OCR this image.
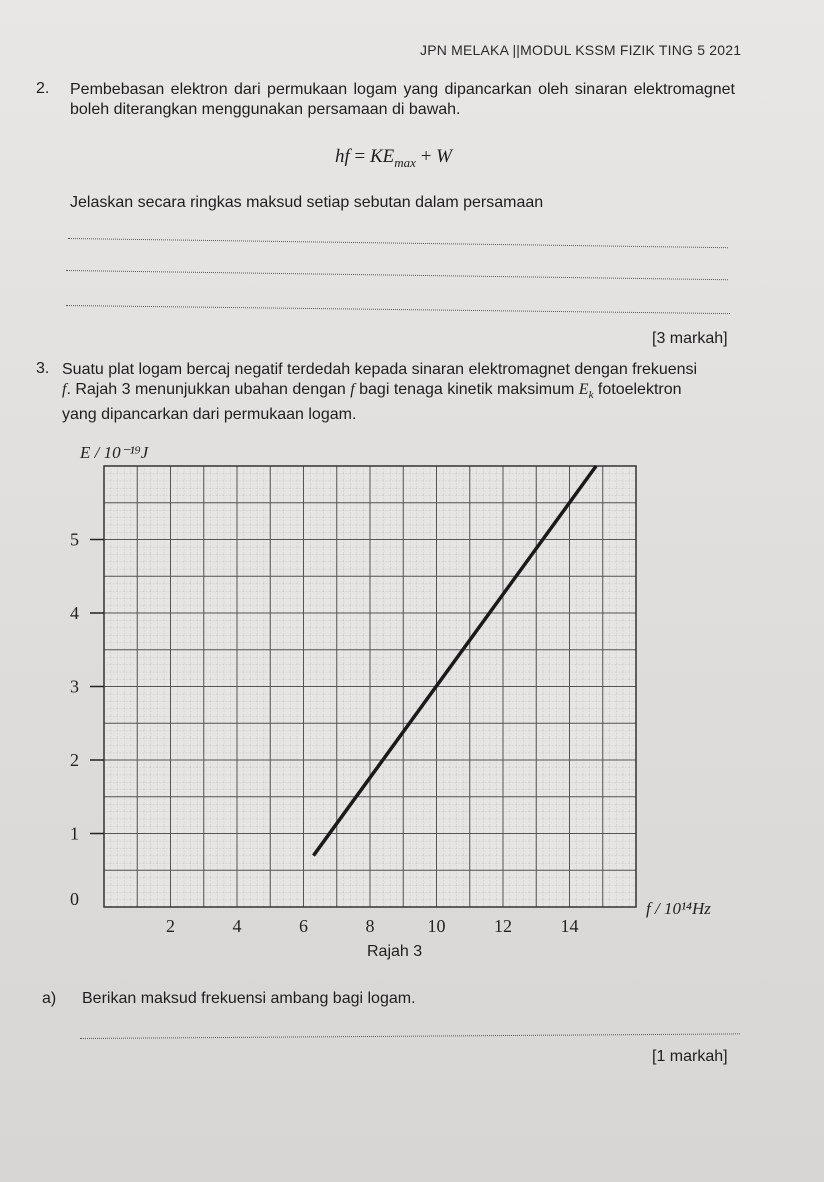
JPN MELAKA ||MODUL KSSM FIZIK TING 5 2021
2. Pembebasan elektron dari permukaan logam yang dipancarkan oleh sinaran elektromagnet boleh diterangkan menggunakan persamaan di bawah.
hf = $KE_{max} + W$
Jelaskan secara ringkas maksud setiap sebutan dalam persamaan
[3 markah]
3. Suatu plat logam bercaj negatif terdedah kepada sinaran elektromagnet dengan frekuensi
f. Rajah 3 menunjukkan ubahan dengan f bagi tenaga kinetik maksimum $E_k$ fotoelektron
yang dipancarkan dari permukaan logam.
0
1
2
3
4
5
2	4	6	8	10	12	14
E / 10⁻¹⁹J
f / 10¹⁴Hz
Rajah 3
a) Berikan maksud frekuensi ambang bagi logam.
[1 markah]
